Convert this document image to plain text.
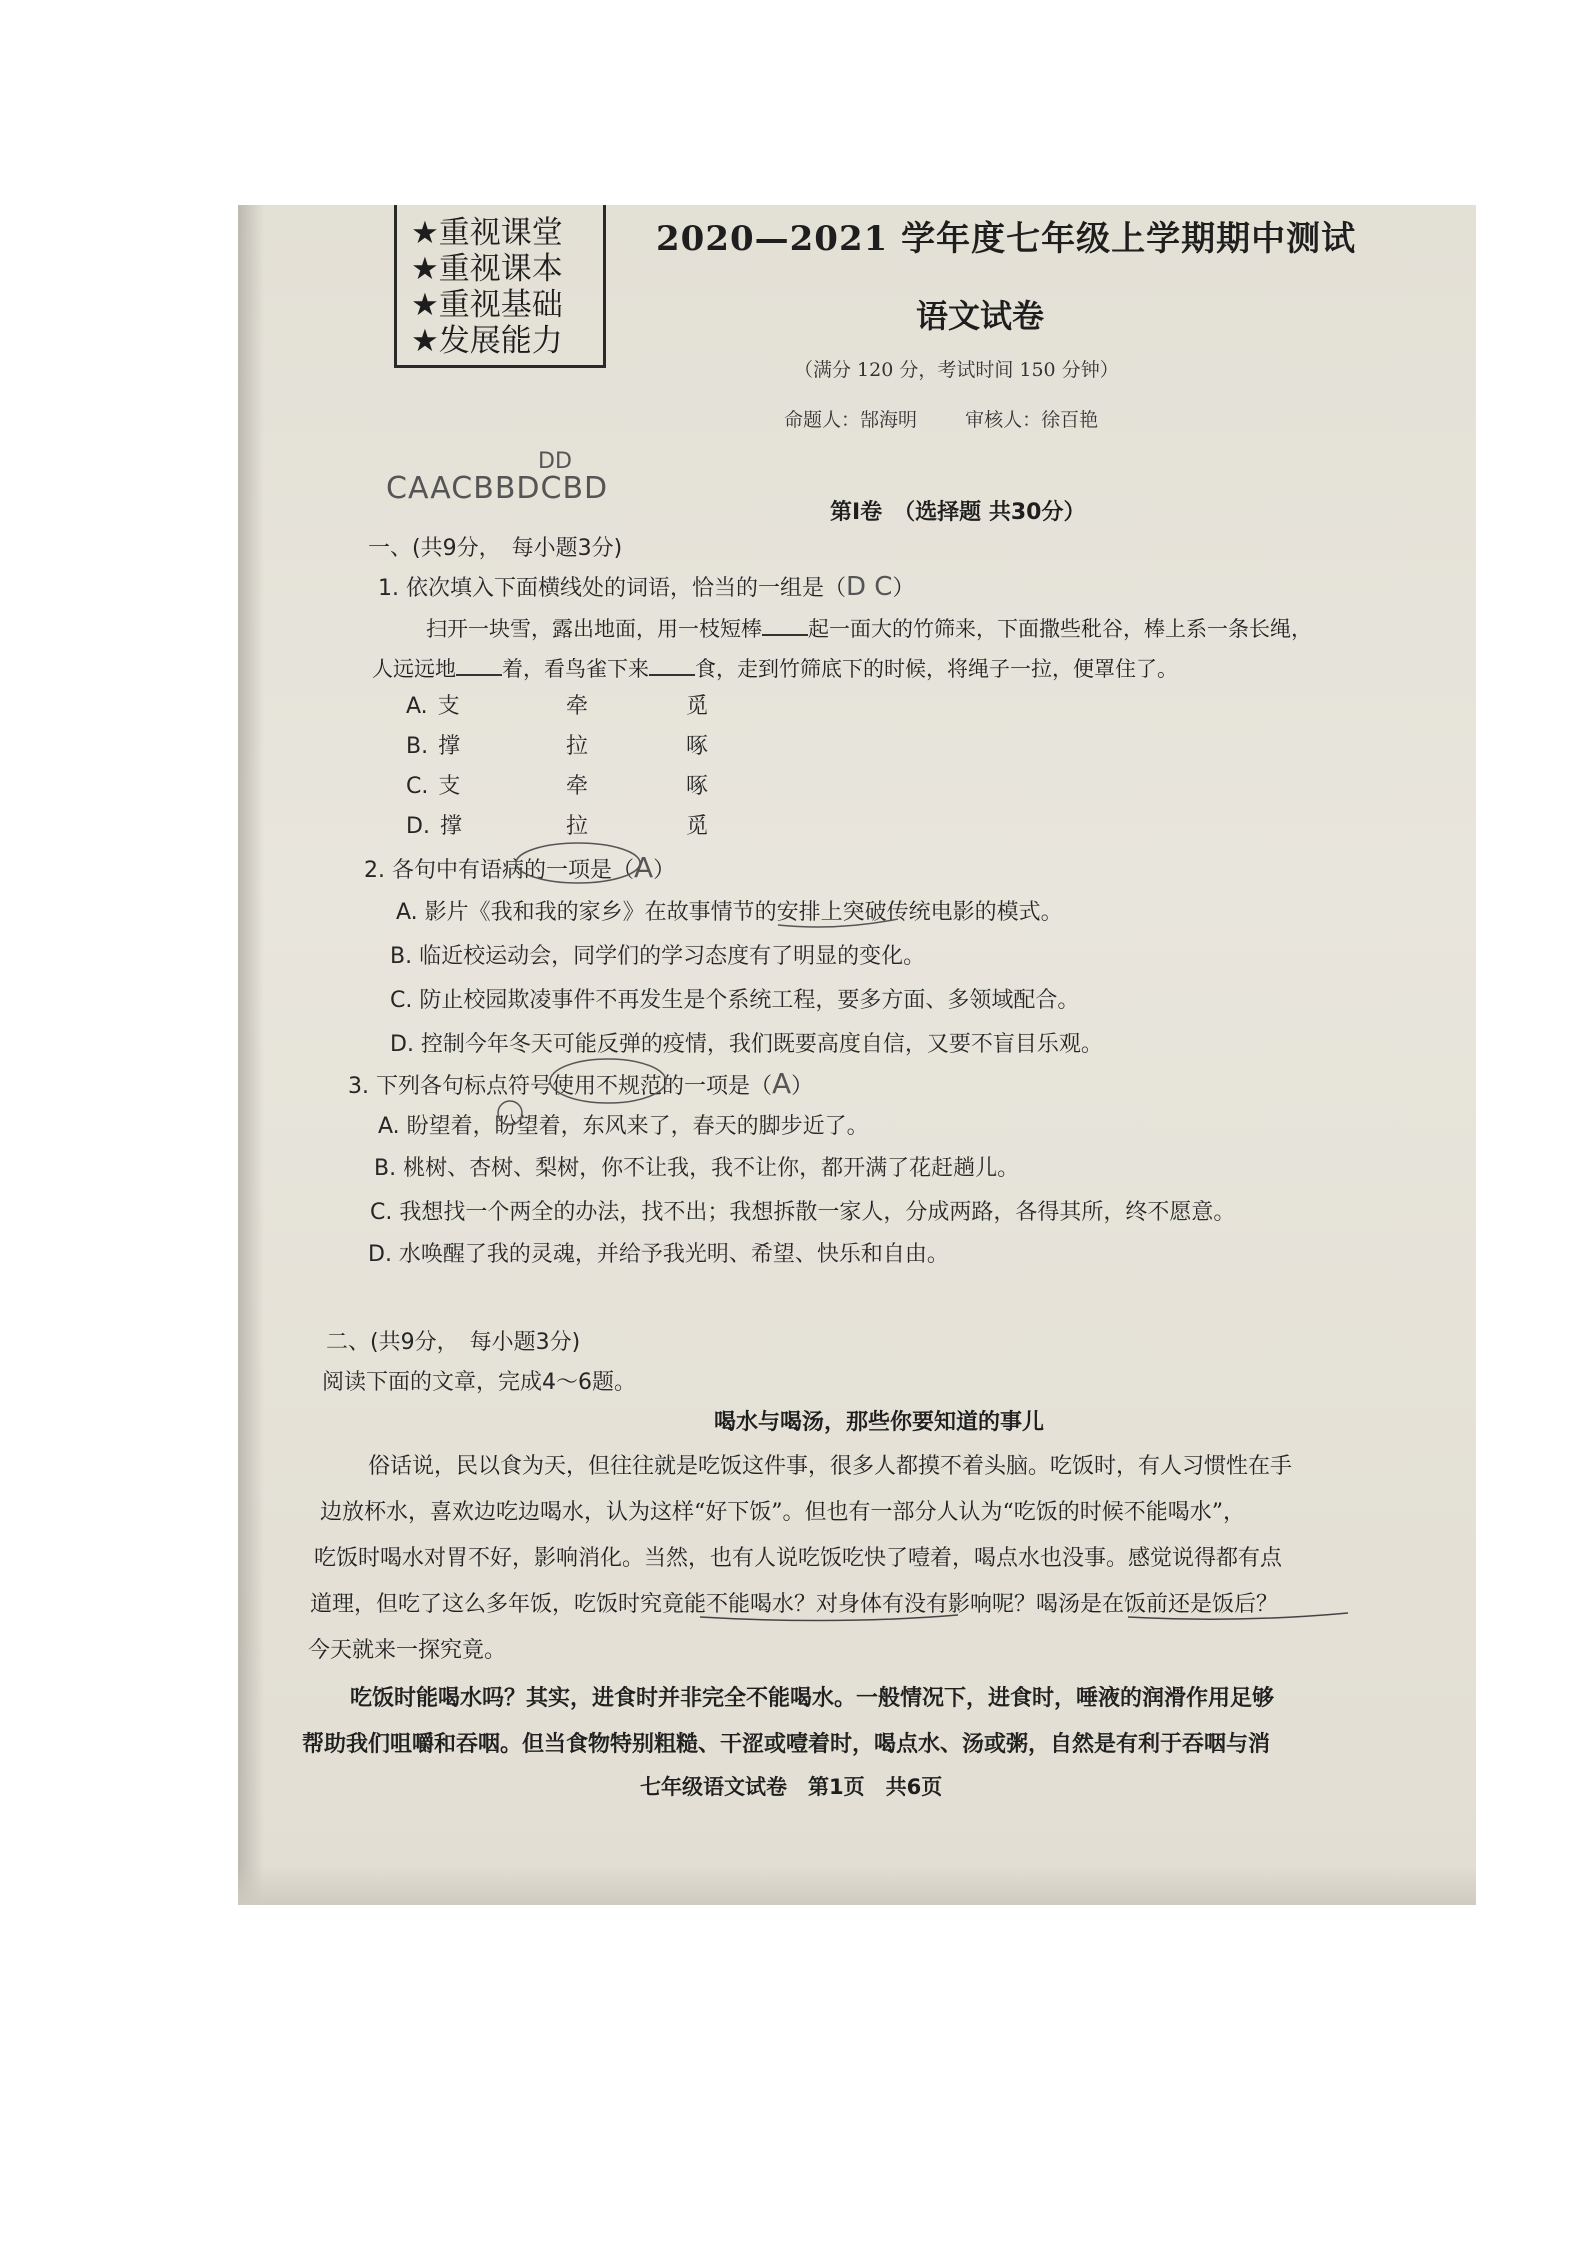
★重视课堂
★重视课本
★重视基础
★发展能力
2020—2021 学年度七年级上学期期中测试
语文试卷
（满分 120 分，考试时间 150 分钟）
命题人：郜海明	审核人：徐百艳
DD
CAACBBDCBD
第Ⅰ卷　（选择题 共30分）
一、(共9分，　每小题3分)
1. 依次填入下面横线处的词语，恰当的一组是（D C）
扫开一块雪，露出地面，用一枝短棒 起一面大的竹筛来，下面撒些秕谷，棒上系一条长绳，
人远远地 着，看鸟雀下来 食，走到竹筛底下的时候，将绳子一拉，便罩住了。
A. 支	牵	觅
B. 撑	拉	啄
C. 支	牵	啄
D. 撑	拉	觅
2. 各句中有语病的一项是（A）
A. 影片《我和我的家乡》在故事情节的安排上突破传统电影的模式。
B. 临近校运动会，同学们的学习态度有了明显的变化。
C. 防止校园欺凌事件不再发生是个系统工程，要多方面、多领域配合。
D. 控制今年冬天可能反弹的疫情，我们既要高度自信，又要不盲目乐观。
3. 下列各句标点符号使用不规范的一项是（A）
A. 盼望着，盼望着，东风来了，春天的脚步近了。
B. 桃树、杏树、梨树，你不让我，我不让你，都开满了花赶趟儿。
C. 我想找一个两全的办法，找不出；我想拆散一家人，分成两路，各得其所，终不愿意。
D. 水唤醒了我的灵魂，并给予我光明、希望、快乐和自由。
二、(共9分，　每小题3分)
阅读下面的文章，完成4～6题。
喝水与喝汤，那些你要知道的事儿
　　俗话说，民以食为天，但往往就是吃饭这件事，很多人都摸不着头脑。吃饭时，有人习惯性在手
边放杯水，喜欢边吃边喝水，认为这样“好下饭”。但也有一部分人认为“吃饭的时候不能喝水”，
吃饭时喝水对胃不好，影响消化。当然，也有人说吃饭吃快了噎着，喝点水也没事。感觉说得都有点
道理，但吃了这么多年饭，吃饭时究竟能不能喝水？对身体有没有影响呢？喝汤是在饭前还是饭后？
今天就来一探究竟。
　　吃饭时能喝水吗？其实，进食时并非完全不能喝水。一般情况下，进食时，唾液的润滑作用足够
帮助我们咀嚼和吞咽。但当食物特别粗糙、干涩或噎着时，喝点水、汤或粥，自然是有利于吞咽与消
七年级语文试卷　第1页　共6页
